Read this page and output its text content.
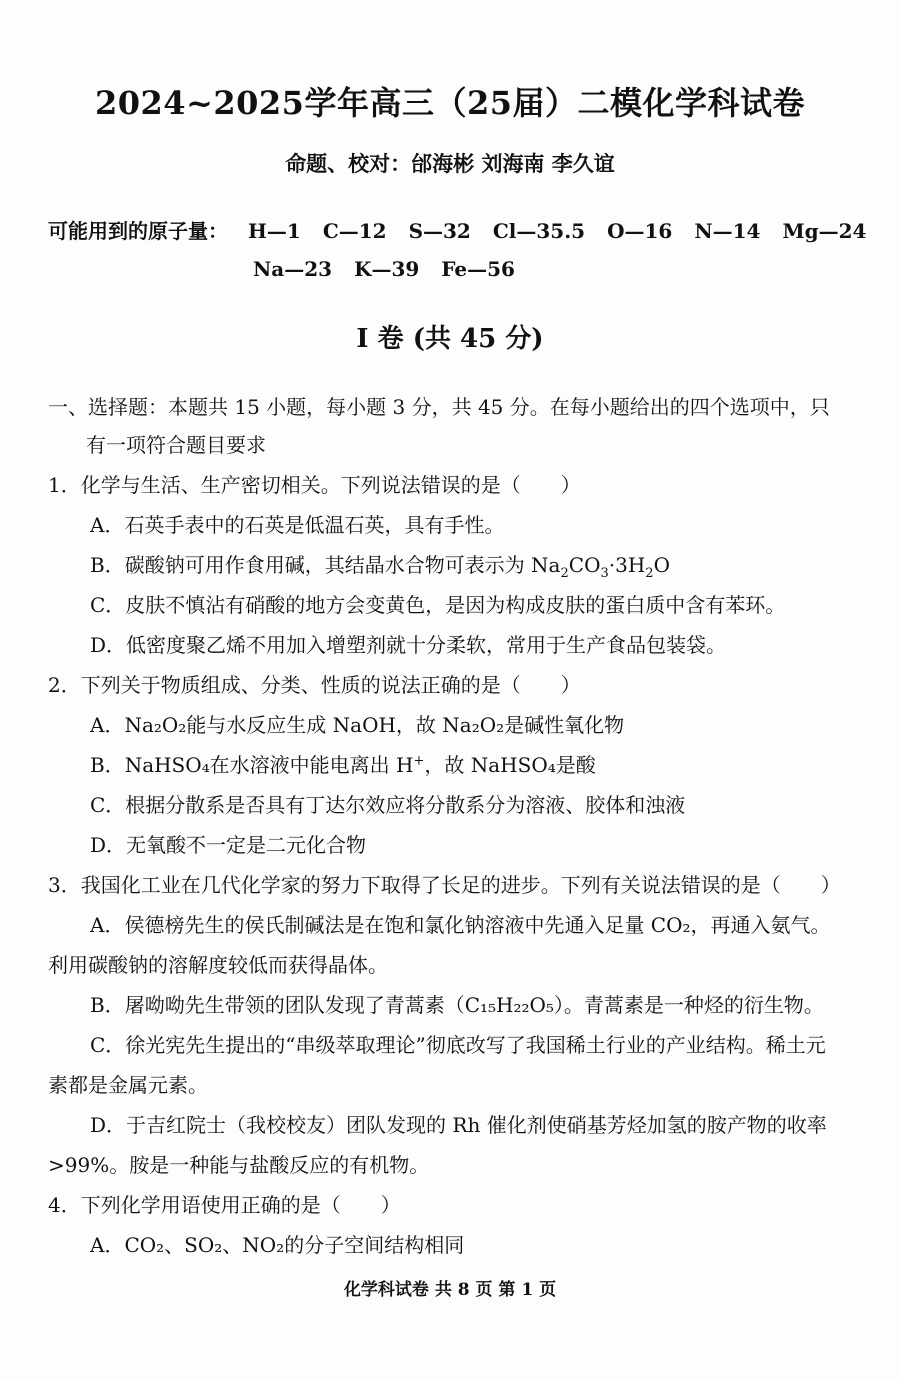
2024~2025学年高三（25届）二模化学科试卷
命题、校对：邰海彬 刘海南 李久谊
可能用到的原子量： H—1 C—12 S—32 Cl—35.5 O—16 N—14 Mg—24
Na—23 K—39 Fe—56
I 卷 (共 45 分)
一、选择题：本题共 15 小题，每小题 3 分，共 45 分。在每小题给出的四个选项中，只
有一项符合题目要求
1．化学与生活、生产密切相关。下列说法错误的是（ ）
A．石英手表中的石英是低温石英，具有手性。
B．碳酸钠可用作食用碱，其结晶水合物可表示为 $Na_2CO_3\cdot 3H_2O$
C．皮肤不慎沾有硝酸的地方会变黄色，是因为构成皮肤的蛋白质中含有苯环。
D．低密度聚乙烯不用加入增塑剂就十分柔软，常用于生产食品包装袋。
2．下列关于物质组成、分类、性质的说法正确的是（ ）
A．Na₂O₂能与水反应生成 NaOH，故 Na₂O₂是碱性氧化物
B．NaHSO₄在水溶液中能电离出 H+，故 NaHSO₄是酸
C．根据分散系是否具有丁达尔效应将分散系分为溶液、胶体和浊液
D．无氧酸不一定是二元化合物
3．我国化工业在几代化学家的努力下取得了长足的进步。下列有关说法错误的是（ ）
A．侯德榜先生的侯氏制碱法是在饱和氯化钠溶液中先通入足量 CO₂，再通入氨气。
利用碳酸钠的溶解度较低而获得晶体。
B．屠呦呦先生带领的团队发现了青蒿素（C₁₅H₂₂O₅）。青蒿素是一种烃的衍生物。
C．徐光宪先生提出的“串级萃取理论”彻底改写了我国稀土行业的产业结构。稀土元
素都是金属元素。
D．于吉红院士（我校校友）团队发现的 Rh 催化剂使硝基芳烃加氢的胺产物的收率
>99%。胺是一种能与盐酸反应的有机物。
4．下列化学用语使用正确的是（ ）
A．CO₂、SO₂、NO₂的分子空间结构相同
化学科试卷 共 8 页 第 1 页
